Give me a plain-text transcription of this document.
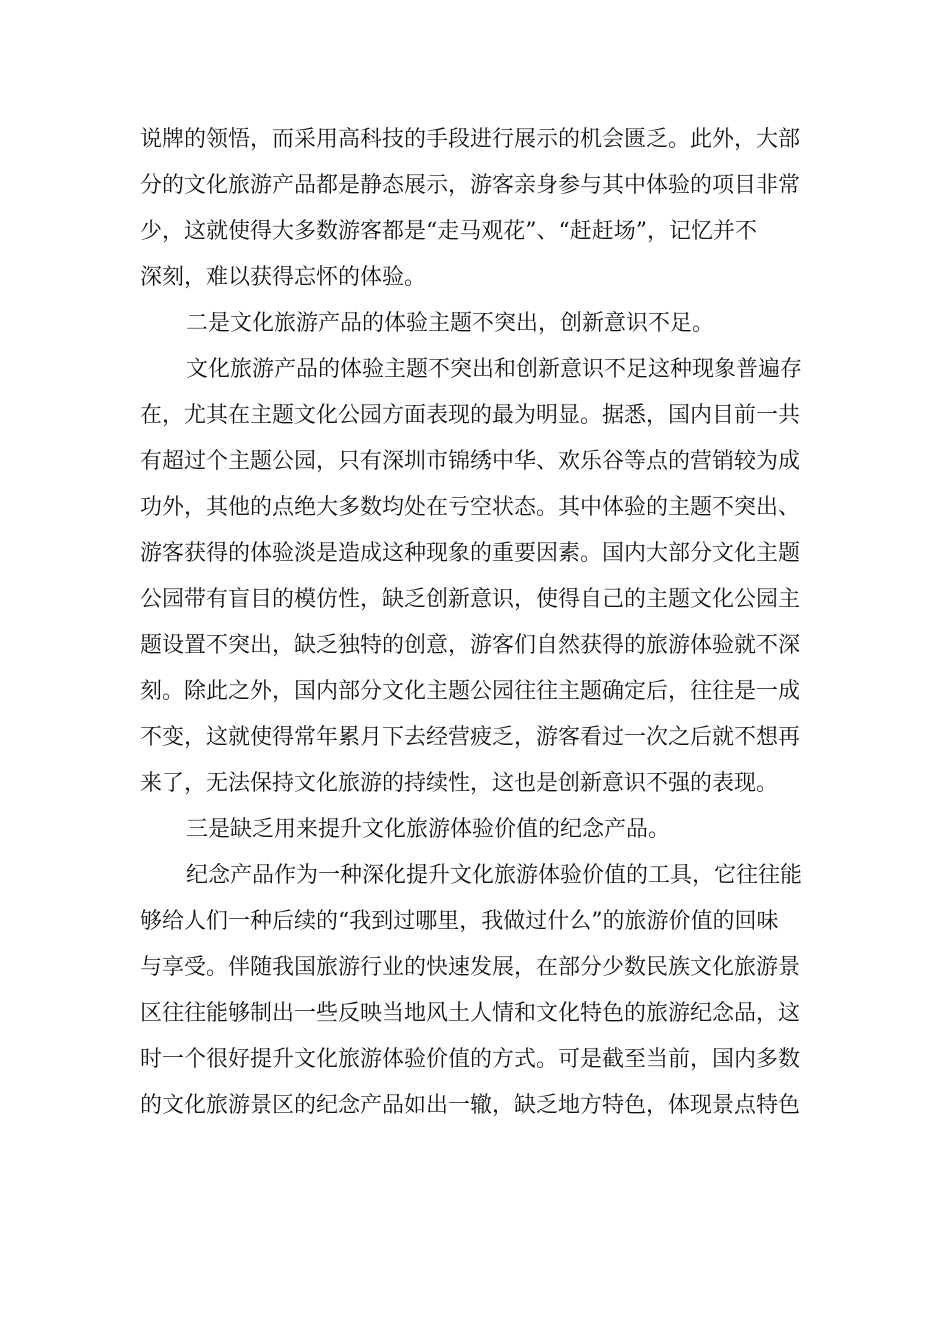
说牌的领悟，而采用高科技的手段进行展示的机会匮乏。此外，大部
分的文化旅游产品都是静态展示，游客亲身参与其中体验的项目非常
少，这就使得大多数游客都是“走马观花”、“赶赶场”，记忆并不
深刻，难以获得忘怀的体验。
二是文化旅游产品的体验主题不突出，创新意识不足。
文化旅游产品的体验主题不突出和创新意识不足这种现象普遍存
在，尤其在主题文化公园方面表现的最为明显。据悉，国内目前一共
有超过个主题公园，只有深圳市锦绣中华、欢乐谷等点的营销较为成
功外，其他的点绝大多数均处在亏空状态。其中体验的主题不突出、
游客获得的体验淡是造成这种现象的重要因素。国内大部分文化主题
公园带有盲目的模仿性，缺乏创新意识，使得自己的主题文化公园主
题设置不突出，缺乏独特的创意，游客们自然获得的旅游体验就不深
刻。除此之外，国内部分文化主题公园往往主题确定后，往往是一成
不变，这就使得常年累月下去经营疲乏，游客看过一次之后就不想再
来了，无法保持文化旅游的持续性，这也是创新意识不强的表现。
三是缺乏用来提升文化旅游体验价值的纪念产品。
纪念产品作为一种深化提升文化旅游体验价值的工具，它往往能
够给人们一种后续的“我到过哪里，我做过什么”的旅游价值的回味
与享受。伴随我国旅游行业的快速发展，在部分少数民族文化旅游景
区往往能够制出一些反映当地风土人情和文化特色的旅游纪念品，这
时一个很好提升文化旅游体验价值的方式。可是截至当前，国内多数
的文化旅游景区的纪念产品如出一辙，缺乏地方特色，体现景点特色
